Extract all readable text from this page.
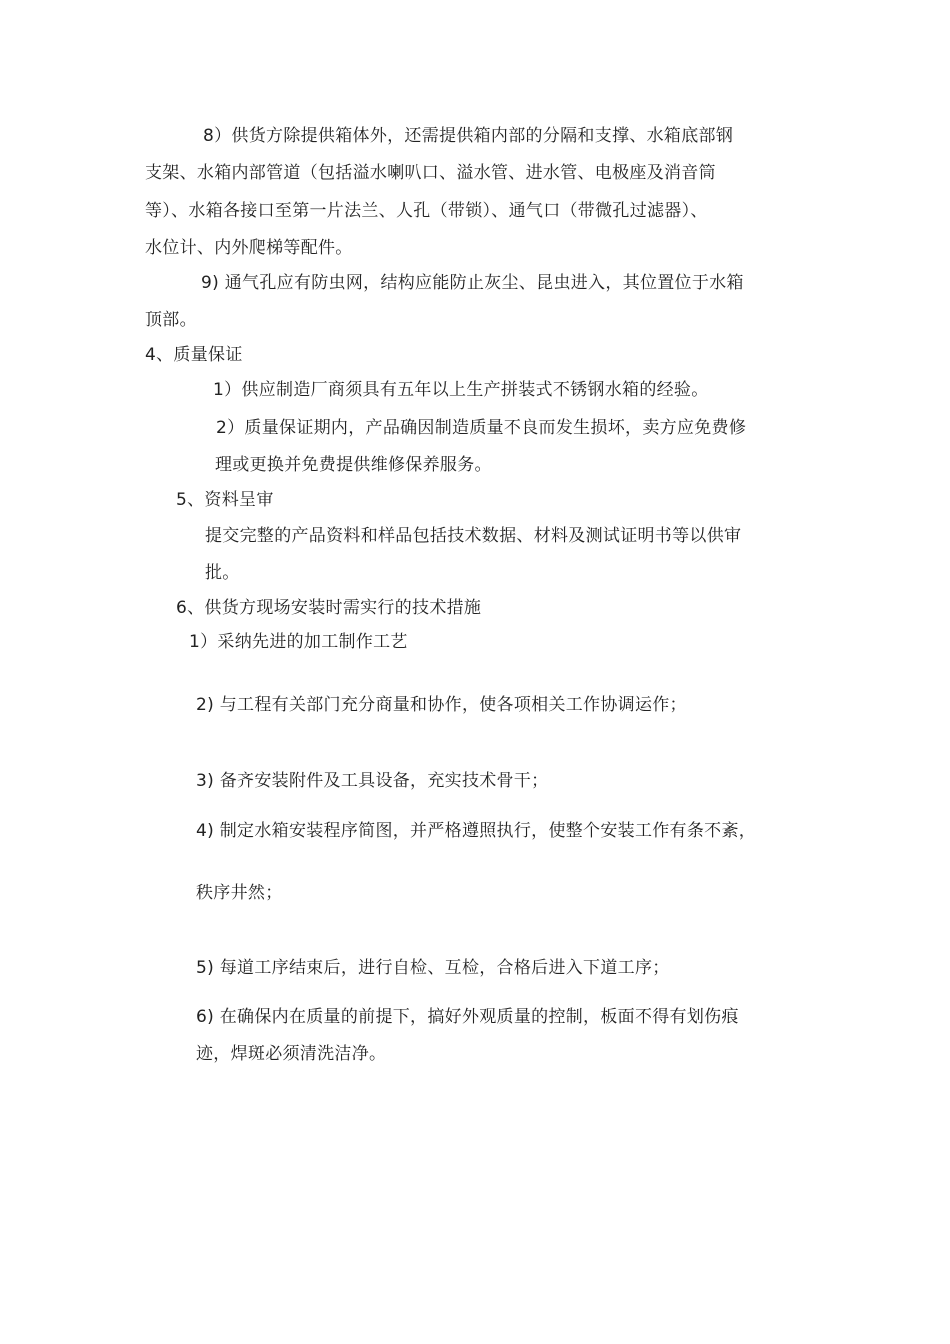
8）供货方除提供箱体外，还需提供箱内部的分隔和支撑、水箱底部钢
支架、水箱内部管道（包括溢水喇叭口、溢水管、进水管、电极座及消音筒
等）、水箱各接口至第一片法兰、人孔（带锁）、通气口（带微孔过滤器）、
水位计、内外爬梯等配件。
9) 通气孔应有防虫网，结构应能防止灰尘、昆虫进入，其位置位于水箱
顶部。
4、质量保证
1）供应制造厂商须具有五年以上生产拼装式不锈钢水箱的经验。
2）质量保证期内，产品确因制造质量不良而发生损坏，卖方应免费修
理或更换并免费提供维修保养服务。
5、资料呈审
提交完整的产品资料和样品包括技术数据、材料及测试证明书等以供审
批。
6、供货方现场安装时需实行的技术措施
1）采纳先进的加工制作工艺
2) 与工程有关部门充分商量和协作，使各项相关工作协调运作；
3) 备齐安装附件及工具设备，充实技术骨干；
4) 制定水箱安装程序简图，并严格遵照执行，使整个安装工作有条不紊，
秩序井然；
5) 每道工序结束后，进行自检、互检，合格后进入下道工序；
6) 在确保内在质量的前提下，搞好外观质量的控制，板面不得有划伤痕
迹，焊斑必须清洗洁净。
